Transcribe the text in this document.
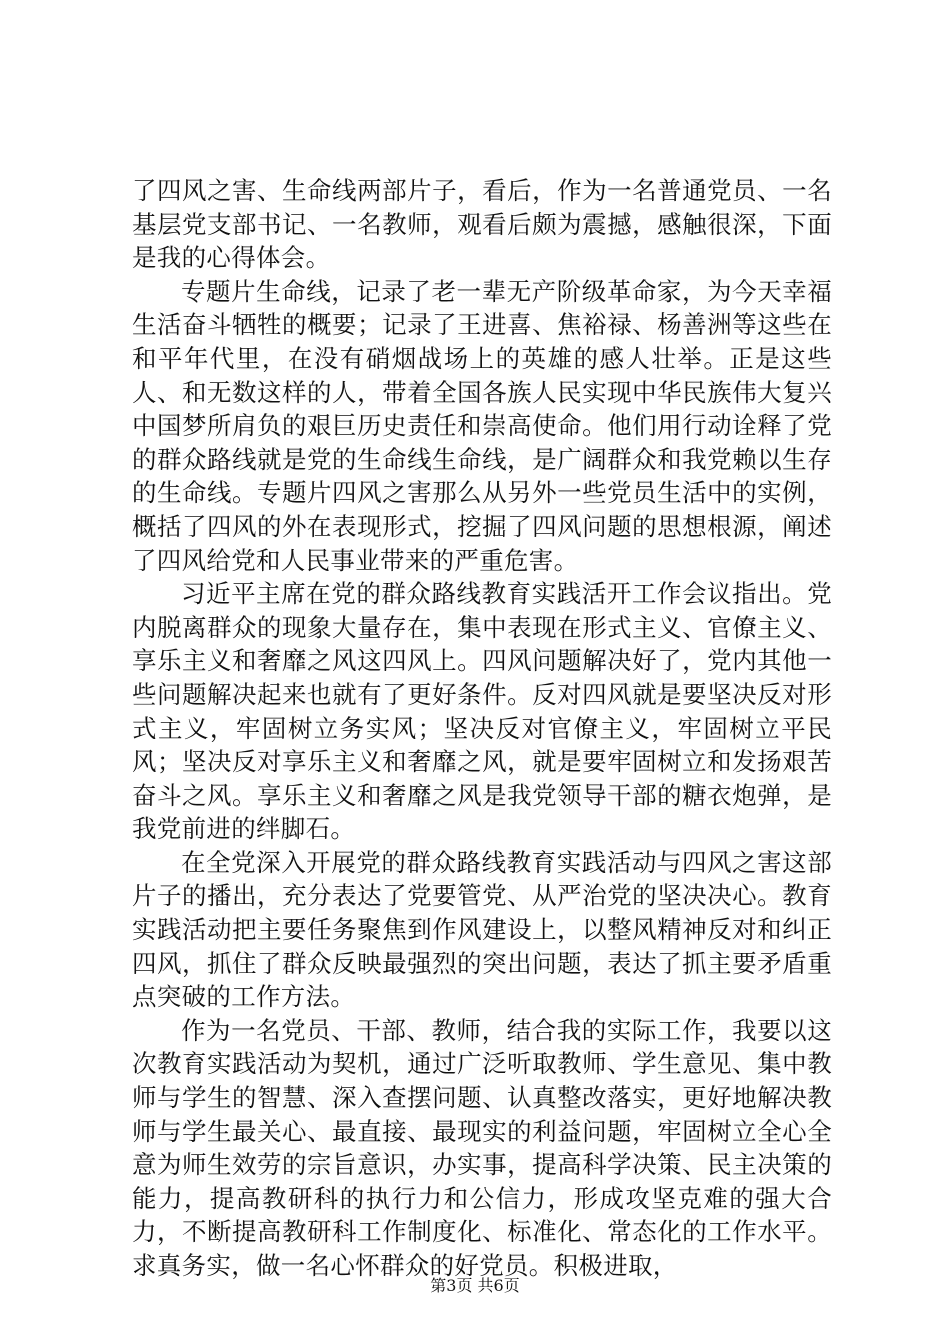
了四风之害、生命线两部片子，看后，作为一名普通党员、一名基层党支部书记、一名教师，观看后颇为震撼，感触很深，下面是我的心得体会。

专题片生命线，记录了老一辈无产阶级革命家，为今天幸福生活奋斗牺牲的概要；记录了王进喜、焦裕禄、杨善洲等这些在和平年代里，在没有硝烟战场上的英雄的感人壮举。正是这些人、和无数这样的人，带着全国各族人民实现中华民族伟大复兴中国梦所肩负的艰巨历史责任和崇高使命。他们用行动诠释了党的群众路线就是党的生命线生命线，是广阔群众和我党赖以生存的生命线。专题片四风之害那么从另外一些党员生活中的实例，概括了四风的外在表现形式，挖掘了四风问题的思想根源，阐述了四风给党和人民事业带来的严重危害。

习近平主席在党的群众路线教育实践活开工作会议指出。党内脱离群众的现象大量存在，集中表现在形式主义、官僚主义、享乐主义和奢靡之风这四风上。四风问题解决好了，党内其他一些问题解决起来也就有了更好条件。反对四风就是要坚决反对形式主义，牢固树立务实风；坚决反对官僚主义，牢固树立平民风；坚决反对享乐主义和奢靡之风，就是要牢固树立和发扬艰苦奋斗之风。享乐主义和奢靡之风是我党领导干部的糖衣炮弹，是我党前进的绊脚石。

在全党深入开展党的群众路线教育实践活动与四风之害这部片子的播出，充分表达了党要管党、从严治党的坚决决心。教育实践活动把主要任务聚焦到作风建设上，以整风精神反对和纠正四风，抓住了群众反映最强烈的突出问题，表达了抓主要矛盾重点突破的工作方法。

作为一名党员、干部、教师，结合我的实际工作，我要以这次教育实践活动为契机，通过广泛听取教师、学生意见、集中教师与学生的智慧、深入查摆问题、认真整改落实，更好地解决教师与学生最关心、最直接、最现实的利益问题，牢固树立全心全意为师生效劳的宗旨意识，办实事，提高科学决策、民主决策的能力，提高教研科的执行力和公信力，形成攻坚克难的强大合力，不断提高教研科工作制度化、标准化、常态化的工作水平。求真务实，做一名心怀群众的好党员。积极进取，

第3页 共6页
